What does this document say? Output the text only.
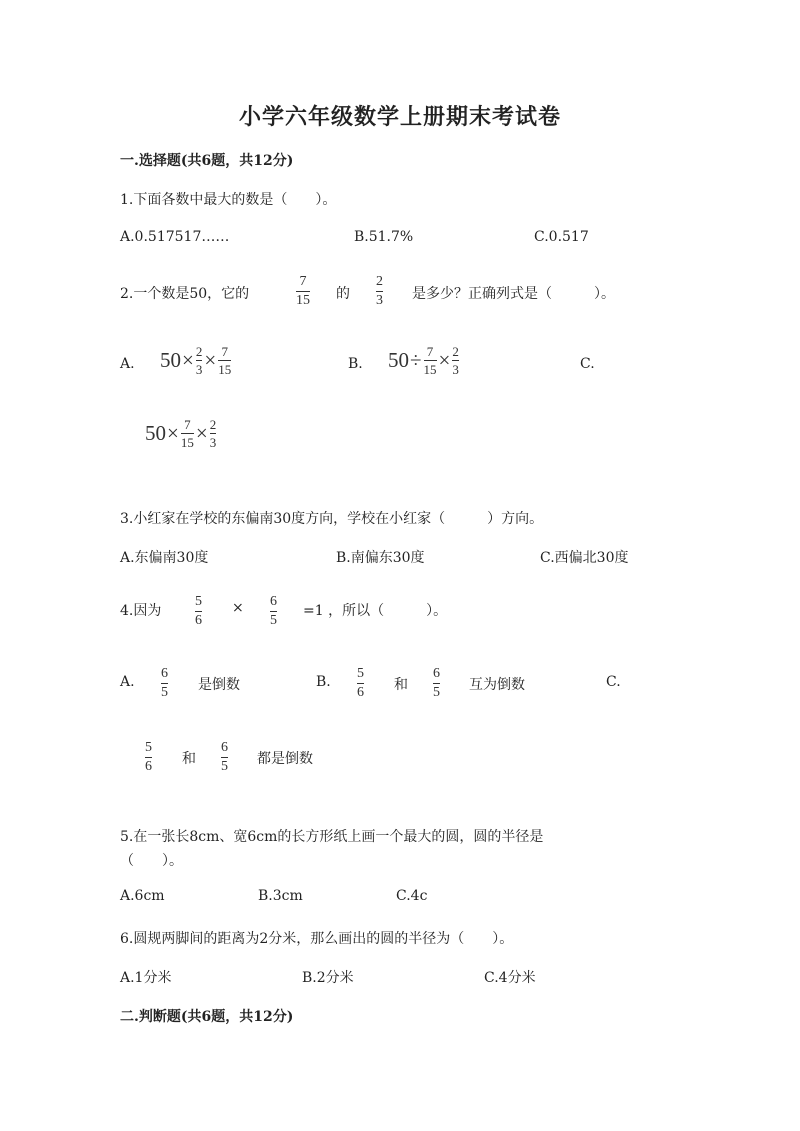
小学六年级数学上册期末考试卷
一.选择题(共6题，共12分)
1.下面各数中最大的数是（　　）。
A.0.517517……	B.51.7%	C.0.517
2.一个数是50，它的
7
15 的
2
3 是多少？正确列式是（　　　）。
A. $50 \times \frac{2}{3} \times \frac{7}{15}$	B. $50 \div \frac{7}{15} \times \frac{2}{3}$	C.
$50 \times \frac{7}{15} \times \frac{2}{3}$
3.小红家在学校的东偏南30度方向，学校在小红家（　　　）方向。
A.东偏南30度	B.南偏东30度	C.西偏北30度
4.因为
5
6
× 6
5
=1 ，所以（　　　）。
A.
6
5 是倒数	B.
5
6 和
6
5 互为倒数	C.
5
6 和
6
5 都是倒数
5.在一张长8cm、宽6cm的长方形纸上画一个最大的圆，圆的半径是
（　　）。
A.6cm	B.3cm	C.4c
6.圆规两脚间的距离为2分米，那么画出的圆的半径为（　　）。
A.1分米	B.2分米	C.4分米
二.判断题(共6题，共12分)
